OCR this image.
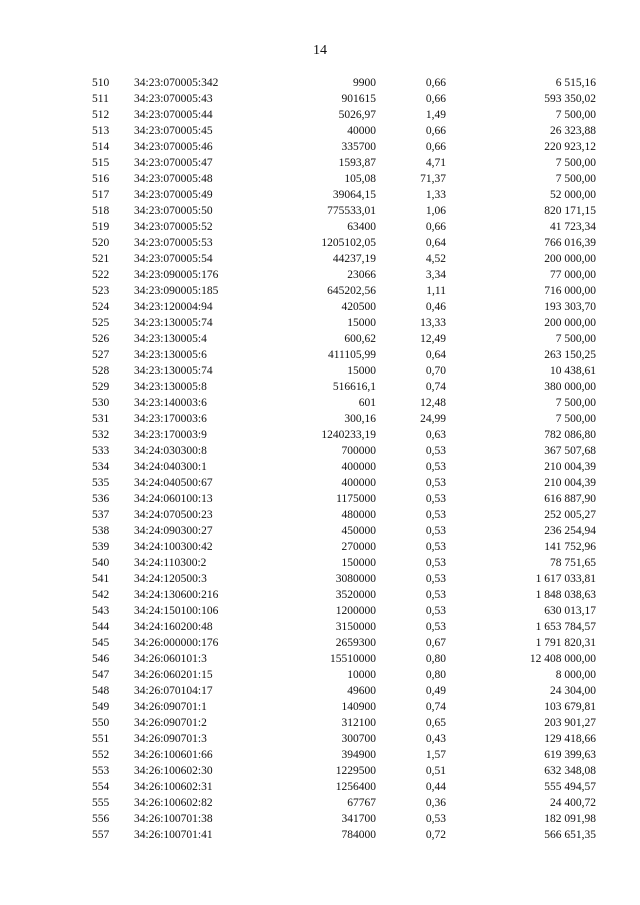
14
510	34:23:070005:342	9900	0,66	6 515,16
511	34:23:070005:43	901615	0,66	593 350,02
512	34:23:070005:44	5026,97	1,49	7 500,00
513	34:23:070005:45	40000	0,66	26 323,88
514	34:23:070005:46	335700	0,66	220 923,12
515	34:23:070005:47	1593,87	4,71	7 500,00
516	34:23:070005:48	105,08	71,37	7 500,00
517	34:23:070005:49	39064,15	1,33	52 000,00
518	34:23:070005:50	775533,01	1,06	820 171,15
519	34:23:070005:52	63400	0,66	41 723,34
520	34:23:070005:53	1205102,05	0,64	766 016,39
521	34:23:070005:54	44237,19	4,52	200 000,00
522	34:23:090005:176	23066	3,34	77 000,00
523	34:23:090005:185	645202,56	1,11	716 000,00
524	34:23:120004:94	420500	0,46	193 303,70
525	34:23:130005:74	15000	13,33	200 000,00
526	34:23:130005:4	600,62	12,49	7 500,00
527	34:23:130005:6	411105,99	0,64	263 150,25
528	34:23:130005:74	15000	0,70	10 438,61
529	34:23:130005:8	516616,1	0,74	380 000,00
530	34:23:140003:6	601	12,48	7 500,00
531	34:23:170003:6	300,16	24,99	7 500,00
532	34:23:170003:9	1240233,19	0,63	782 086,80
533	34:24:030300:8	700000	0,53	367 507,68
534	34:24:040300:1	400000	0,53	210 004,39
535	34:24:040500:67	400000	0,53	210 004,39
536	34:24:060100:13	1175000	0,53	616 887,90
537	34:24:070500:23	480000	0,53	252 005,27
538	34:24:090300:27	450000	0,53	236 254,94
539	34:24:100300:42	270000	0,53	141 752,96
540	34:24:110300:2	150000	0,53	78 751,65
541	34:24:120500:3	3080000	0,53	1 617 033,81
542	34:24:130600:216	3520000	0,53	1 848 038,63
543	34:24:150100:106	1200000	0,53	630 013,17
544	34:24:160200:48	3150000	0,53	1 653 784,57
545	34:26:000000:176	2659300	0,67	1 791 820,31
546	34:26:060101:3	15510000	0,80	12 408 000,00
547	34:26:060201:15	10000	0,80	8 000,00
548	34:26:070104:17	49600	0,49	24 304,00
549	34:26:090701:1	140900	0,74	103 679,81
550	34:26:090701:2	312100	0,65	203 901,27
551	34:26:090701:3	300700	0,43	129 418,66
552	34:26:100601:66	394900	1,57	619 399,63
553	34:26:100602:30	1229500	0,51	632 348,08
554	34:26:100602:31	1256400	0,44	555 494,57
555	34:26:100602:82	67767	0,36	24 400,72
556	34:26:100701:38	341700	0,53	182 091,98
557	34:26:100701:41	784000	0,72	566 651,35
